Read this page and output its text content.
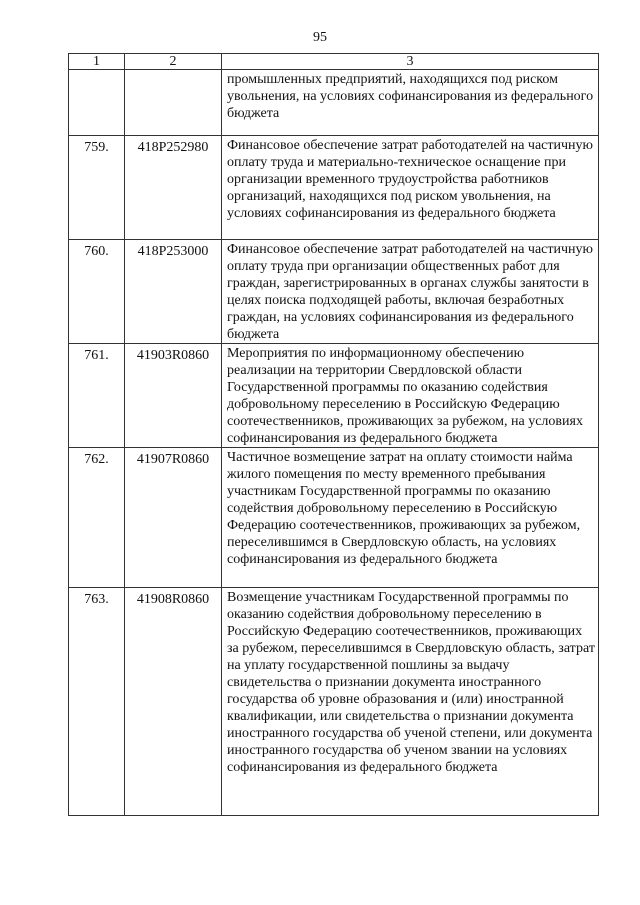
95
1	2	3
		промышленных предприятий, находящихся под риском увольнения, на условиях софинансирования из федерального бюджета
759.	418P252980	Финансовое обеспечение затрат работодателей на частичную оплату труда и материально-техническое оснащение при организации временного трудоустройства работников организаций, находящихся под риском увольнения, на условиях софинансирования из федерального бюджета
760.	418P253000	Финансовое обеспечение затрат работодателей на частичную оплату труда при организации общественных работ для граждан, зарегистрированных в органах службы занятости в целях поиска подходящей работы, включая безработных граждан, на условиях софинансирования из федерального бюджета
761.	41903R0860	Мероприятия по информационному обеспечению реализации на территории Свердловской области Государственной программы по оказанию содействия добровольному переселению в Российскую Федерацию соотечественников, проживающих за рубежом, на условиях софинансирования из федерального бюджета
762.	41907R0860	Частичное возмещение затрат на оплату стоимости найма жилого помещения по месту временного пребывания участникам Государственной программы по оказанию содействия добровольному переселению в Российскую Федерацию соотечественников, проживающих за рубежом, переселившимся в Свердловскую область, на условиях софинансирования из федерального бюджета
763.	41908R0860	Возмещение участникам Государственной программы по оказанию содействия добровольному переселению в Российскую Федерацию соотечественников, проживающих за рубежом, переселившимся в Свердловскую область, затрат на уплату государственной пошлины за выдачу свидетельства о признании документа иностранного государства об уровне образования и (или) иностранной квалификации, или свидетельства о признании документа иностранного государства об ученой степени, или документа иностранного государства об ученом звании на условиях софинансирования из федерального бюджета
